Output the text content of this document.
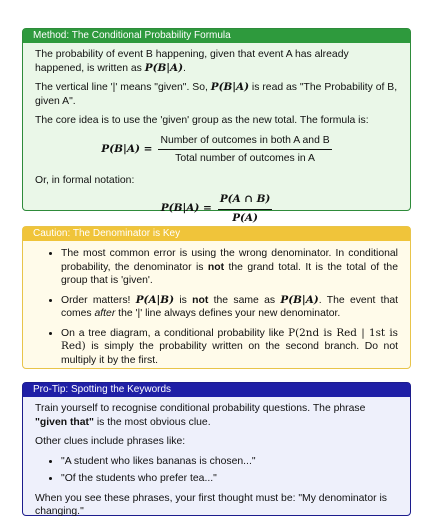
Method: The Conditional Probability Formula

The probability of event B happening, given that event A has already happened, is written as P(B|A).

The vertical line '|' means "given". So, P(B|A) is read as "The Probability of B, given A".

The core idea is to use the 'given' group as the new total. The formula is:

$P(B|A) = \frac{\text{Number of outcomes in both A and B}}{\text{Total number of outcomes in A}}$

Or, in formal notation:

$P(B|A) = \frac{P(A \cap B)}{P(A)}$
Caution: The Denominator is Key
• The most common error is using the wrong denominator. In conditional probability, the denominator is not the grand total. It is the total of the group that is 'given'.
• Order matters! P(A|B) is not the same as P(B|A). The event that comes after the '|' line always defines your new denominator.
• On a tree diagram, a conditional probability like P(2nd is Red | 1st is Red) is simply the probability written on the second branch. Do not multiply it by the first.
Pro-Tip: Spotting the Keywords

Train yourself to recognise conditional probability questions. The phrase "given that" is the most obvious clue.

Other clues include phrases like:

• "A student who likes bananas is chosen..."
• "Of the students who prefer tea..."

When you see these phrases, your first thought must be: "My denominator is changing."
